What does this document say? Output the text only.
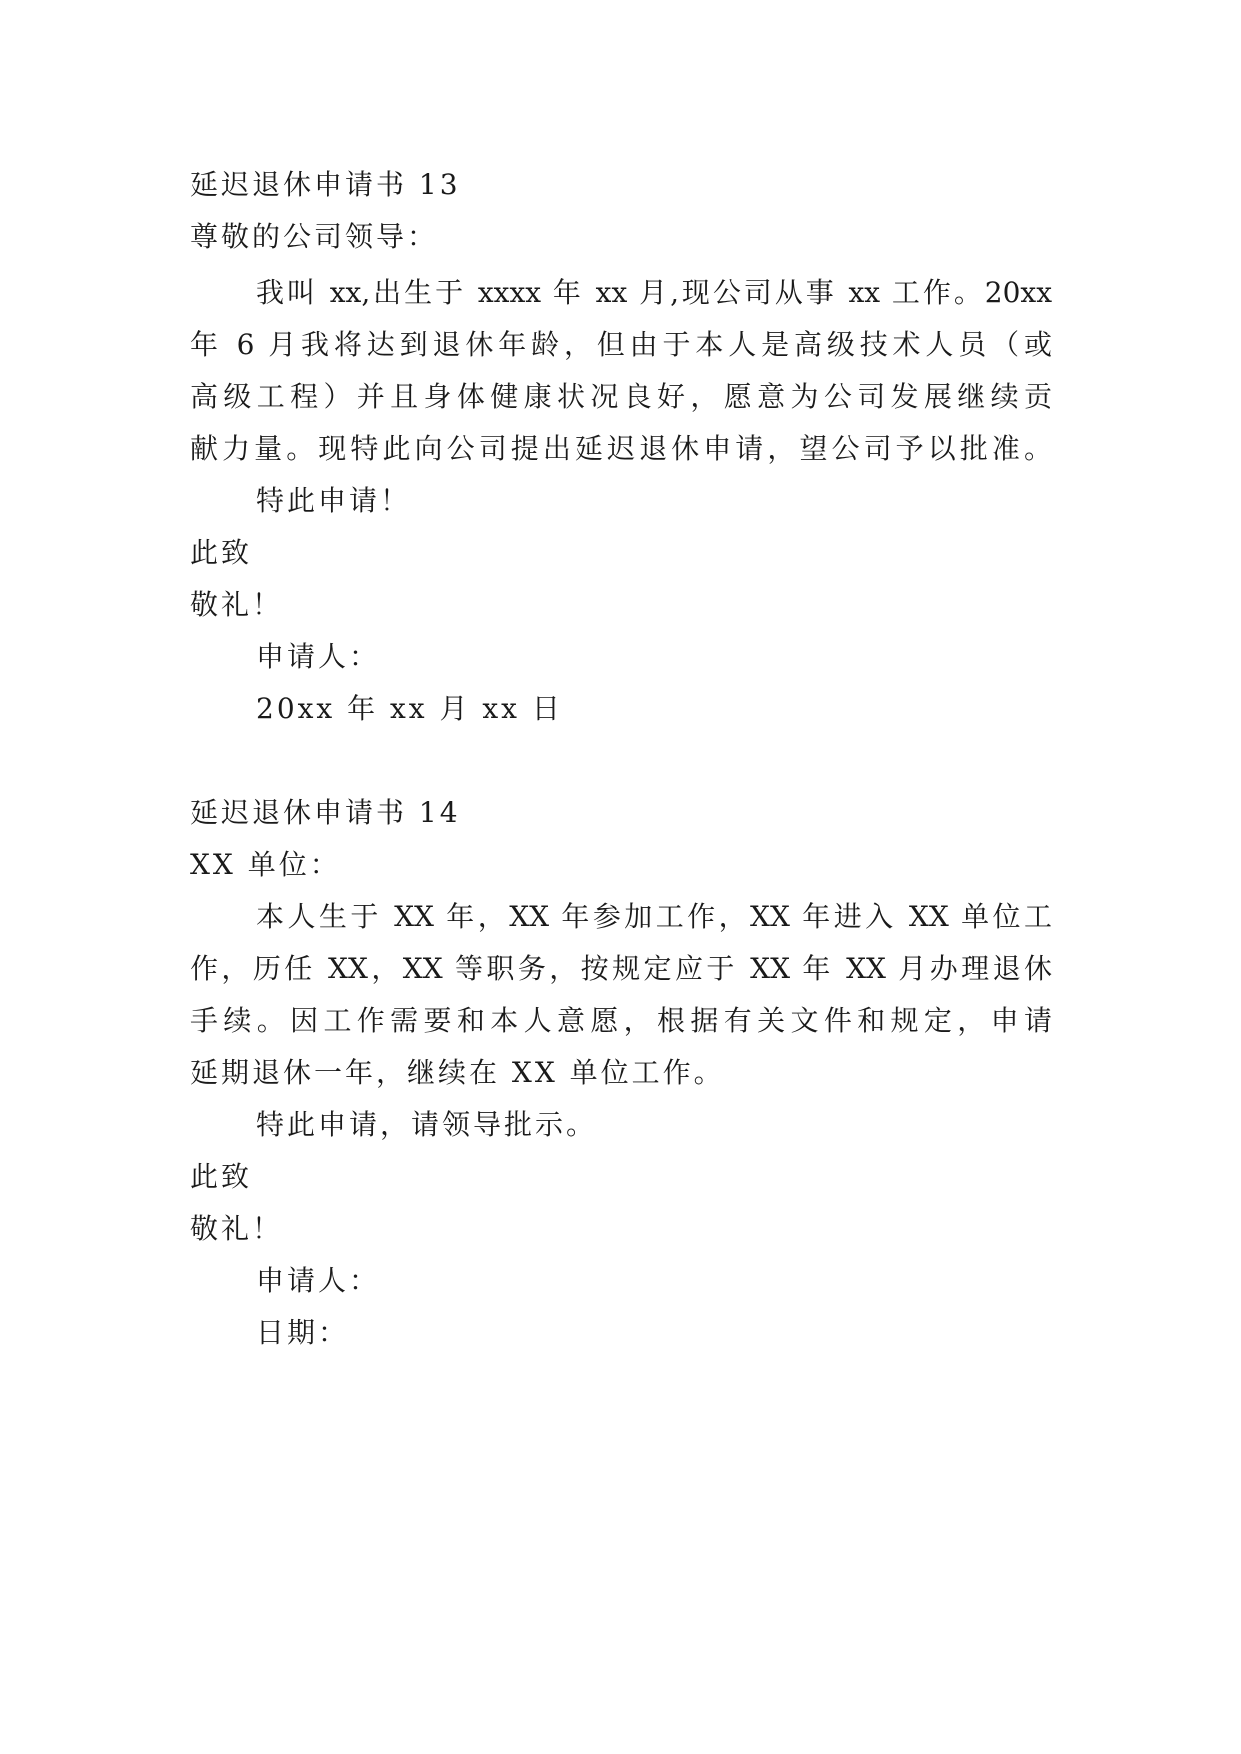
延迟退休申请书 13
尊敬的公司领导：
我叫 xx,出生于 xxxx 年 xx 月,现公司从事 xx 工作。20xx
年 6 月我将达到退休年龄，但由于本人是高级技术人员（或
高级工程）并且身体健康状况良好，愿意为公司发展继续贡
献力量。现特此向公司提出延迟退休申请，望公司予以批准。
特此申请！
此致
敬礼！
申请人：
20xx 年 xx 月 xx 日
延迟退休申请书 14
XX 单位：
本人生于 XX 年，XX 年参加工作，XX 年进入 XX 单位工
作，历任 XX，XX 等职务，按规定应于 XX 年 XX 月办理退休
手续。因工作需要和本人意愿，根据有关文件和规定，申请
延期退休一年，继续在 XX 单位工作。
特此申请，请领导批示。
此致
敬礼！
申请人：
日期：
